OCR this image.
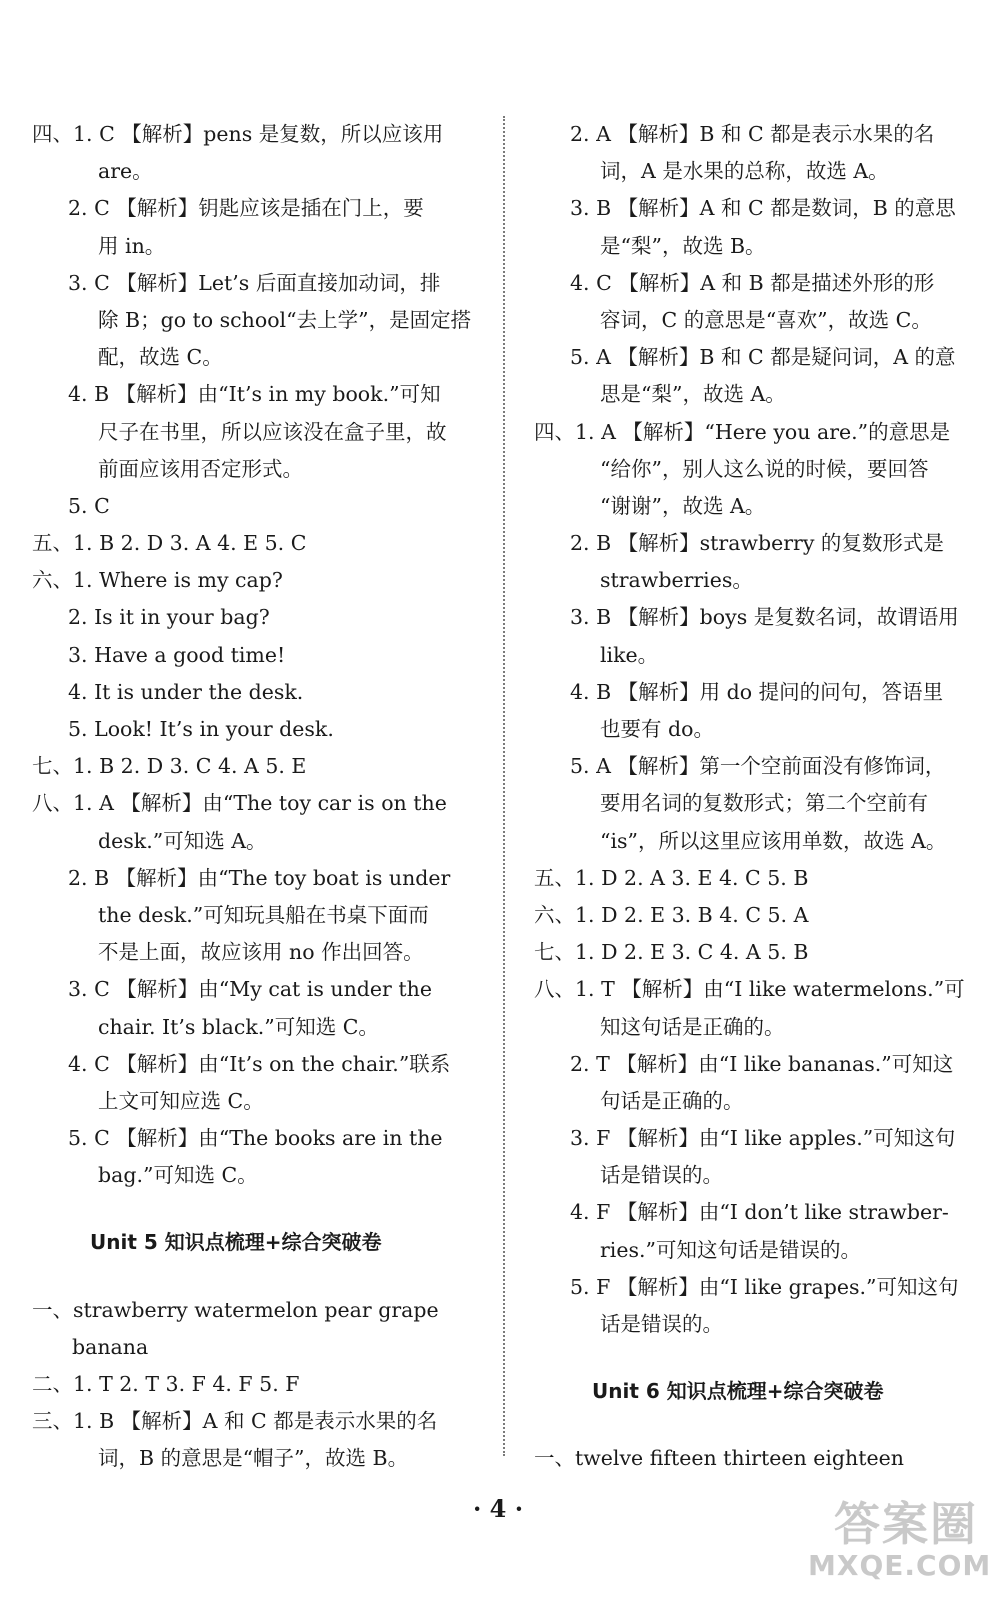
四、1. C 【解析】pens 是复数，所以应该用
are。
2. C 【解析】钥匙应该是插在门上，要
用 in。
3. C 【解析】Let’s 后面直接加动词，排
除 B；go to school“去上学”，是固定搭
配，故选 C。
4. B 【解析】由“It’s in my book.”可知
尺子在书里，所以应该没在盒子里，故
前面应该用否定形式。
5. C
五、1. B 2. D 3. A 4. E 5. C
六、1. Where is my cap?
2. Is it in your bag?
3. Have a good time!
4. It is under the desk.
5. Look! It’s in your desk.
七、1. B 2. D 3. C 4. A 5. E
八、1. A 【解析】由“The toy car is on the
desk.”可知选 A。
2. B 【解析】由“The toy boat is under
the desk.”可知玩具船在书桌下面而
不是上面，故应该用 no 作出回答。
3. C 【解析】由“My cat is under the
chair. It’s black.”可知选 C。
4. C 【解析】由“It’s on the chair.”联系
上文可知应选 C。
5. C 【解析】由“The books are in the
bag.”可知选 C。
Unit 5 知识点梳理+综合突破卷
一、strawberry watermelon pear grape
banana
二、1. T 2. T 3. F 4. F 5. F
三、1. B 【解析】A 和 C 都是表示水果的名
词，B 的意思是“帽子”，故选 B。
2. A 【解析】B 和 C 都是表示水果的名
词，A 是水果的总称，故选 A。
3. B 【解析】A 和 C 都是数词，B 的意思
是“梨”，故选 B。
4. C 【解析】A 和 B 都是描述外形的形
容词，C 的意思是“喜欢”，故选 C。
5. A 【解析】B 和 C 都是疑问词，A 的意
思是“梨”，故选 A。
四、1. A 【解析】“Here you are.”的意思是
“给你”，别人这么说的时候，要回答
“谢谢”，故选 A。
2. B 【解析】strawberry 的复数形式是
strawberries。
3. B 【解析】boys 是复数名词，故谓语用
like。
4. B 【解析】用 do 提问的问句，答语里
也要有 do。
5. A 【解析】第一个空前面没有修饰词，
要用名词的复数形式；第二个空前有
“is”，所以这里应该用单数，故选 A。
五、1. D 2. A 3. E 4. C 5. B
六、1. D 2. E 3. B 4. C 5. A
七、1. D 2. E 3. C 4. A 5. B
八、1. T 【解析】由“I like watermelons.”可
知这句话是正确的。
2. T 【解析】由“I like bananas.”可知这
句话是正确的。
3. F 【解析】由“I like apples.”可知这句
话是错误的。
4. F 【解析】由“I don’t like strawber-
ries.”可知这句话是错误的。
5. F 【解析】由“I like grapes.”可知这句
话是错误的。
Unit 6 知识点梳理+综合突破卷
一、twelve fifteen thirteen eighteen
· 4 ·	答案圈
MXQE.COM
